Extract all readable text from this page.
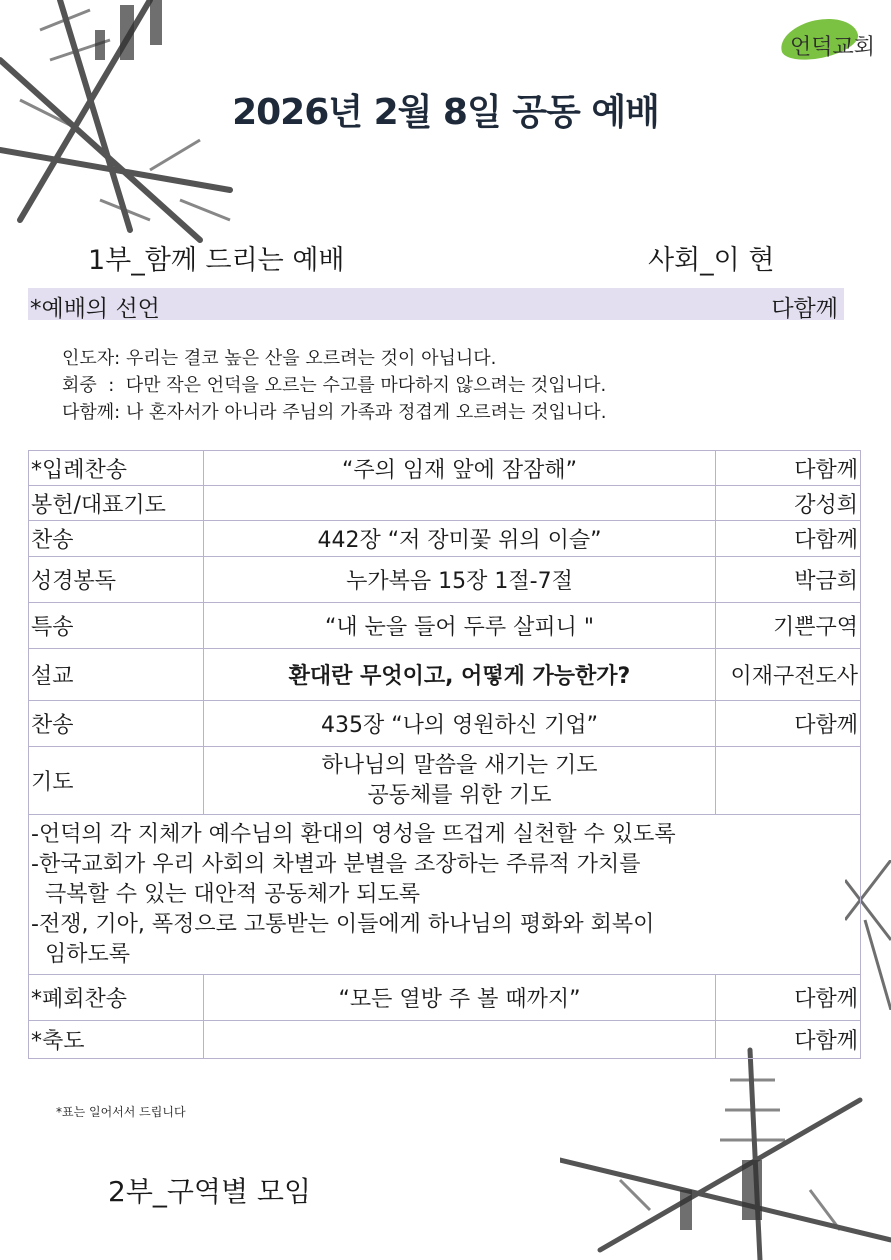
언덕교회
2026년 2월 8일 공동 예배
1부_함께 드리는 예배	사회_이 현
*예배의 선언	다함께
인도자: 우리는 결코 높은 산을 오르려는 것이 아닙니다.
회중  :  다만 작은 언덕을 오르는 수고를 마다하지 않으려는 것입니다.
다함께: 나 혼자서가 아니라 주님의 가족과 정겹게 오르려는 것입니다.
*입례찬송	“주의 임재 앞에 잠잠해”	다함께
봉헌/대표기도		강성희
찬송	442장 “저 장미꽃 위의 이슬”	다함께
성경봉독	누가복음 15장 1절-7절	박금희
특송	“내 눈을 들어 두루 살피니 "	기쁜구역
설교	환대란 무엇이고, 어떻게 가능한가?	이재구전도사
찬송	435장 “나의 영원하신 기업”	다함께
기도	하나님의 말씀을 새기는 기도
공동체를 위한 기도	

-언덕의 각 지체가 예수님의 환대의 영성을 뜨겁게 실천할 수 있도록
-한국교회가 우리 사회의 차별과 분별을 조장하는 주류적 가치를
극복할 수 있는 대안적 공동체가 되도록
-전쟁, 기아, 폭정으로 고통받는 이들에게 하나님의 평화와 회복이
임하도록		

*폐회찬송	“모든 열방 주 볼 때까지”	다함께
*축도		다함께
*표는 일어서서 드립니다
2부_구역별 모임
